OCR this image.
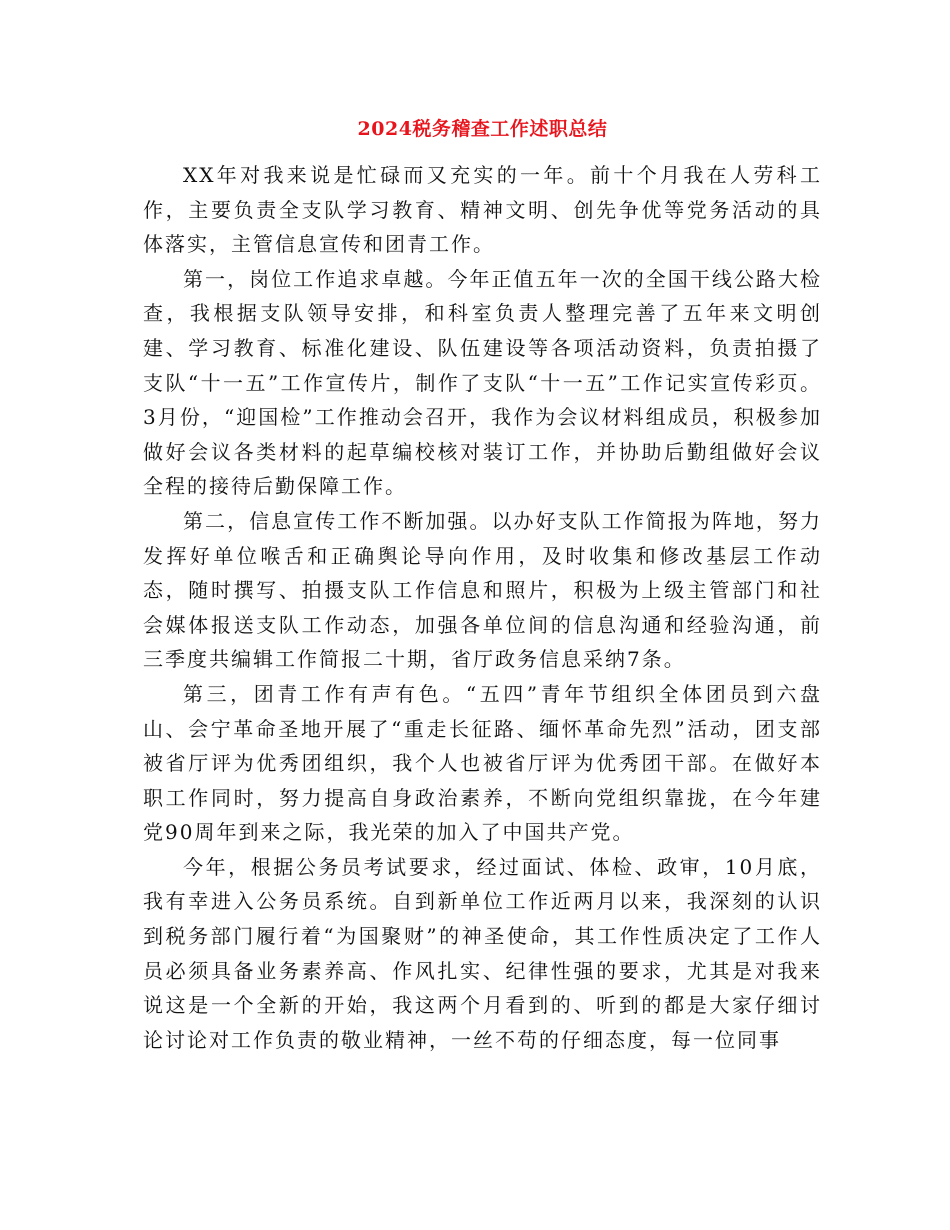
2024税务稽查工作述职总结

XX年对我来说是忙碌而又充实的一年。前十个月我在人劳科工作，主要负责全支队学习教育、精神文明、创先争优等党务活动的具体落实，主管信息宣传和团青工作。

第一，岗位工作追求卓越。今年正值五年一次的全国干线公路大检查，我根据支队领导安排，和科室负责人整理完善了五年来文明创建、学习教育、标准化建设、队伍建设等各项活动资料，负责拍摄了支队“十一五”工作宣传片，制作了支队“十一五”工作记实宣传彩页。3月份，“迎国检”工作推动会召开，我作为会议材料组成员，积极参加做好会议各类材料的起草编校核对装订工作，并协助后勤组做好会议全程的接待后勤保障工作。

第二，信息宣传工作不断加强。以办好支队工作简报为阵地，努力发挥好单位喉舌和正确舆论导向作用，及时收集和修改基层工作动态，随时撰写、拍摄支队工作信息和照片，积极为上级主管部门和社会媒体报送支队工作动态，加强各单位间的信息沟通和经验沟通，前三季度共编辑工作简报二十期，省厅政务信息采纳7条。

第三，团青工作有声有色。“五四”青年节组织全体团员到六盘山、会宁革命圣地开展了“重走长征路、缅怀革命先烈”活动，团支部被省厅评为优秀团组织，我个人也被省厅评为优秀团干部。在做好本职工作同时，努力提高自身政治素养，不断向党组织靠拢，在今年建党90周年到来之际，我光荣的加入了中国共产党。

今年，根据公务员考试要求，经过面试、体检、政审，10月底，我有幸进入公务员系统。自到新单位工作近两月以来，我深刻的认识到税务部门履行着“为国聚财”的神圣使命，其工作性质决定了工作人员必须具备业务素养高、作风扎实、纪律性强的要求，尤其是对我来说这是一个全新的开始，我这两个月看到的、听到的都是大家仔细讨论讨论对工作负责的敬业精神，一丝不苟的仔细态度，每一位同事
